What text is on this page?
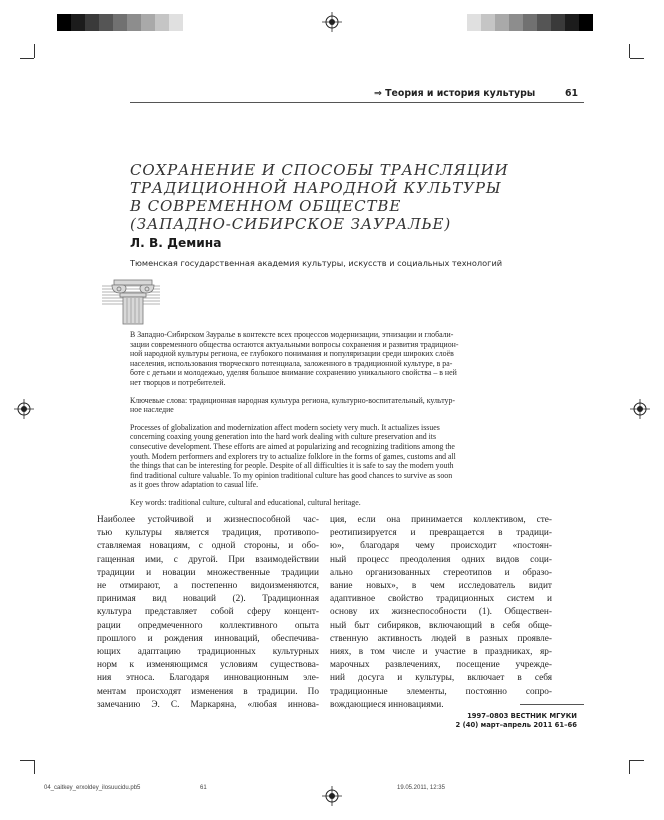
⇒ Теория и история культуры	61
СОХРАНЕНИЕ И СПОСОБЫ ТРАНСЛЯЦИИ
ТРАДИЦИОННОЙ НАРОДНОЙ КУЛЬТУРЫ
В СОВРЕМЕННОМ ОБЩЕСТВЕ
(ЗАПАДНО-СИБИРСКОЕ ЗАУРАЛЬЕ)
Л. В. Демина
Тюменская государственная академия культуры, искусств и социальных технологий
В Западно-Сибирском Зауралье в контексте всех процессов модернизации, этнизации и глобали-
зации современного общества остаются актуальными вопросы сохранения и развития традицион-
ной народной культуры региона, ее глубокого понимания и популяризации среди широких слоёв
населения, использования творческого потенциала, заложенного в традиционной культуре, в ра-
боте с детьми и молодежью, уделяя большое внимание сохранению уникального свойства – в ней
нет творцов и потребителей.
Ключевые слова: традиционная народная культура региона, культурно-воспитательный, культур-
ное наследие
Processes of globalization and modernization affect modern society very much. It actualizes issues
concerning coaxing young generation into the hard work dealing with culture preservation and its
consecutive development. These efforts are aimed at popularizing and recognizing traditions among the
youth. Modern performers and explorers try to actualize folklore in the forms of games, customs and all
the things that can be interesting for people. Despite of all difficulties it is safe to say the modern youth
find traditional culture valuable. To my opinion traditional culture has good chances to survive as soon
as it goes throw adaptation to casual life.
Key words: traditional culture, cultural and educational, cultural heritage.
Наиболее устойчивой и жизнеспособной час-
тью культуры является традиция, противопо-
ставляемая новациям, с одной стороны, и обо-
гащенная ими, с другой. При взаимодействии
традиции и новации множественные традиции
не отмирают, а постепенно видоизменяются,
принимая вид новаций (2). Традиционная
культура представляет собой сферу концент-
рации опредмеченного коллективного опыта
прошлого и рождения инноваций, обеспечива-
ющих адаптацию традиционных культурных
норм к изменяющимся условиям существова-
ния этноса. Благодаря инновационным эле-
ментам происходят изменения в традиции. По
замечанию Э. С. Маркаряна, «любая иннова-
ция, если она принимается коллективом, сте-
реотипизируется и превращается в традици-
ю», благодаря чему происходит «постоян-
ный процесс преодоления одних видов соци-
ально организованных стереотипов и образо-
вание новых», в чем исследователь видит
адаптивное свойство традиционных систем и
основу их жизнеспособности (1). Обществен-
ный быт сибиряков, включающий в себя обще-
ственную активность людей в разных проявле-
ниях, в том числе и участие в праздниках, яр-
марочных развлечениях, посещение учрежде-
ний досуга и культуры, включает в себя
традиционные элементы, постоянно сопро-
вождающиеся инновациями.
1997–0803 ВЕСТНИК МГУКИ
2 (40) март–апрель 2011 61–66
04_caitkey_erxoldey_ilosuucidu.pb5	61	19.05.2011, 12:35
